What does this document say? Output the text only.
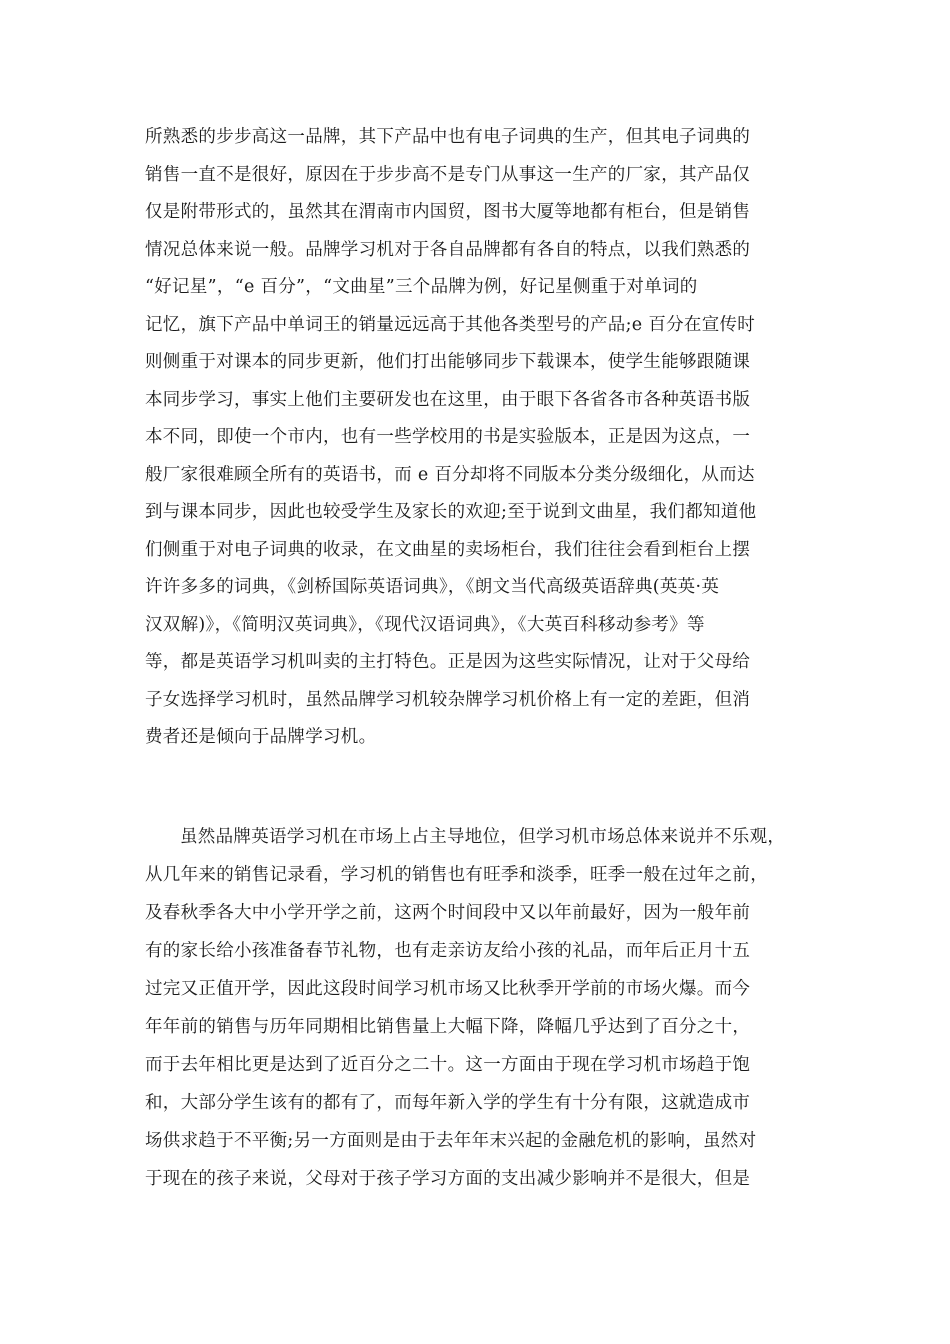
所熟悉的步步高这一品牌，其下产品中也有电子词典的生产，但其电子词典的
销售一直不是很好，原因在于步步高不是专门从事这一生产的厂家，其产品仅
仅是附带形式的，虽然其在渭南市内国贸，图书大厦等地都有柜台，但是销售
情况总体来说一般。品牌学习机对于各自品牌都有各自的特点，以我们熟悉的
“好记星”，“e 百分”，“文曲星”三个品牌为例，好记星侧重于对单词的
记忆，旗下产品中单词王的销量远远高于其他各类型号的产品;e 百分在宣传时
则侧重于对课本的同步更新，他们打出能够同步下载课本，使学生能够跟随课
本同步学习，事实上他们主要研发也在这里，由于眼下各省各市各种英语书版
本不同，即使一个市内，也有一些学校用的书是实验版本，正是因为这点，一
般厂家很难顾全所有的英语书，而 e 百分却将不同版本分类分级细化，从而达
到与课本同步，因此也较受学生及家长的欢迎;至于说到文曲星，我们都知道他
们侧重于对电子词典的收录，在文曲星的卖场柜台，我们往往会看到柜台上摆
许许多多的词典，《剑桥国际英语词典》，《朗文当代高级英语辞典(英英·英
汉双解)》，《简明汉英词典》，《现代汉语词典》，《大英百科移动参考》等
等，都是英语学习机叫卖的主打特色。正是因为这些实际情况，让对于父母给
子女选择学习机时，虽然品牌学习机较杂牌学习机价格上有一定的差距，但消
费者还是倾向于品牌学习机。
虽然品牌英语学习机在市场上占主导地位，但学习机市场总体来说并不乐观，
从几年来的销售记录看，学习机的销售也有旺季和淡季，旺季一般在过年之前，
及春秋季各大中小学开学之前，这两个时间段中又以年前最好，因为一般年前
有的家长给小孩准备春节礼物，也有走亲访友给小孩的礼品，而年后正月十五
过完又正值开学，因此这段时间学习机市场又比秋季开学前的市场火爆。而今
年年前的销售与历年同期相比销售量上大幅下降，降幅几乎达到了百分之十，
而于去年相比更是达到了近百分之二十。这一方面由于现在学习机市场趋于饱
和，大部分学生该有的都有了，而每年新入学的学生有十分有限，这就造成市
场供求趋于不平衡;另一方面则是由于去年年末兴起的金融危机的影响，虽然对
于现在的孩子来说，父母对于孩子学习方面的支出减少影响并不是很大，但是
